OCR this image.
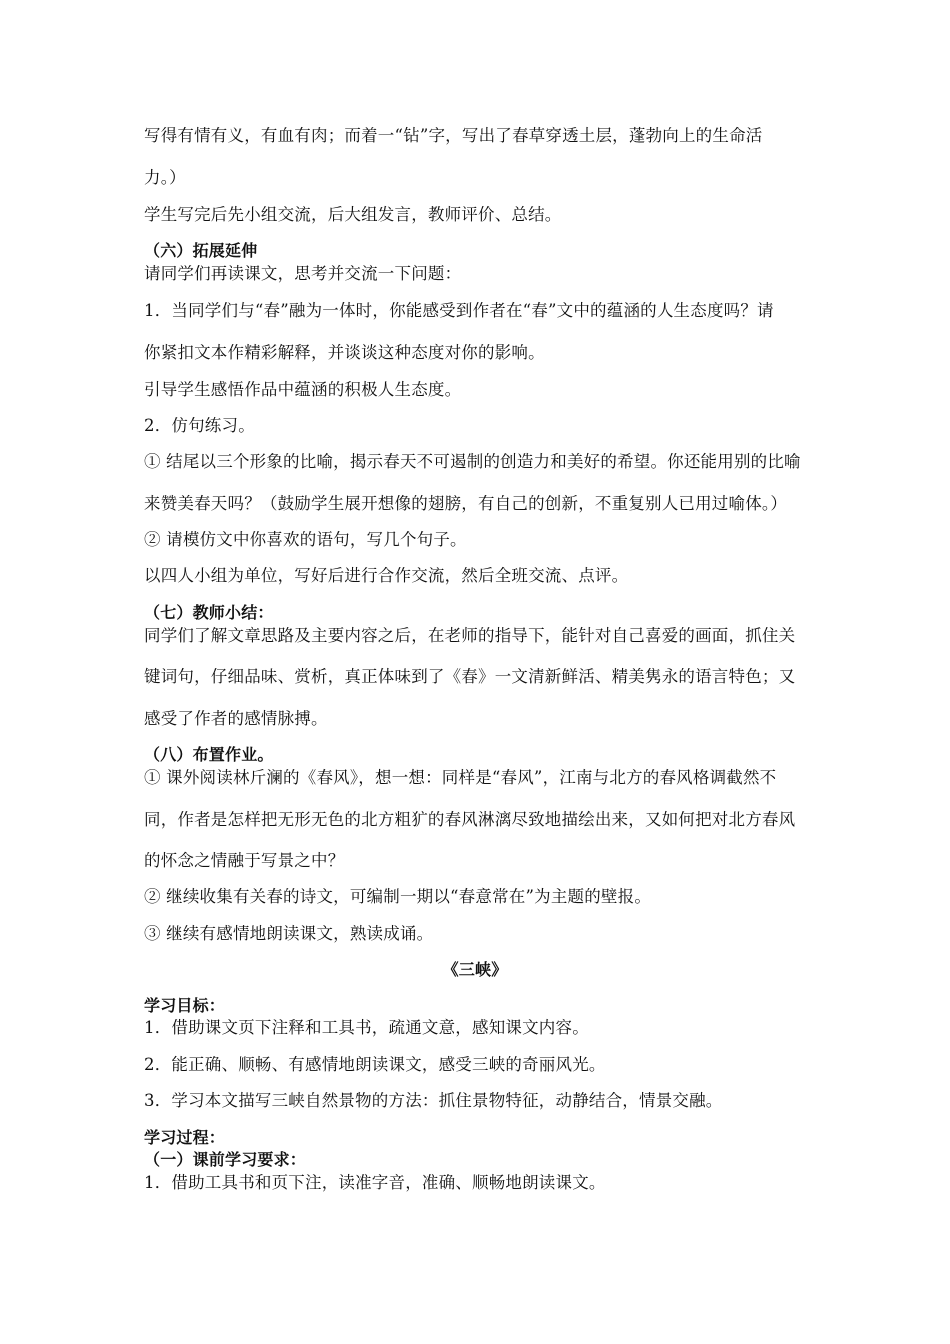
写得有情有义，有血有肉；而着一“钻”字，写出了春草穿透土层，蓬勃向上的生命活
力。）
学生写完后先小组交流，后大组发言，教师评价、总结。
（六）拓展延伸
请同学们再读课文，思考并交流一下问题：
1．当同学们与“春”融为一体时，你能感受到作者在“春”文中的蕴涵的人生态度吗？请
你紧扣文本作精彩解释，并谈谈这种态度对你的影响。
引导学生感悟作品中蕴涵的积极人生态度。
2．仿句练习。
① 结尾以三个形象的比喻，揭示春天不可遏制的创造力和美好的希望。你还能用别的比喻
来赞美春天吗？（鼓励学生展开想像的翅膀，有自己的创新，不重复别人已用过喻体。）
② 请模仿文中你喜欢的语句，写几个句子。
以四人小组为单位，写好后进行合作交流，然后全班交流、点评。
（七）教师小结：
同学们了解文章思路及主要内容之后，在老师的指导下，能针对自己喜爱的画面，抓住关
键词句，仔细品味、赏析，真正体味到了《春》一文清新鲜活、精美隽永的语言特色；又
感受了作者的感情脉搏。
（八）布置作业。
① 课外阅读林斤澜的《春风》，想一想：同样是“春风”，江南与北方的春风格调截然不
同，作者是怎样把无形无色的北方粗犷的春风淋漓尽致地描绘出来，又如何把对北方春风
的怀念之情融于写景之中？
② 继续收集有关春的诗文，可编制一期以“春意常在”为主题的壁报。
③ 继续有感情地朗读课文，熟读成诵。
《三峡》
学习目标：
1．借助课文页下注释和工具书，疏通文意，感知课文内容。
2．能正确、顺畅、有感情地朗读课文，感受三峡的奇丽风光。
3．学习本文描写三峡自然景物的方法：抓住景物特征，动静结合，情景交融。
学习过程：
（一）课前学习要求：
1．借助工具书和页下注，读准字音，准确、顺畅地朗读课文。
